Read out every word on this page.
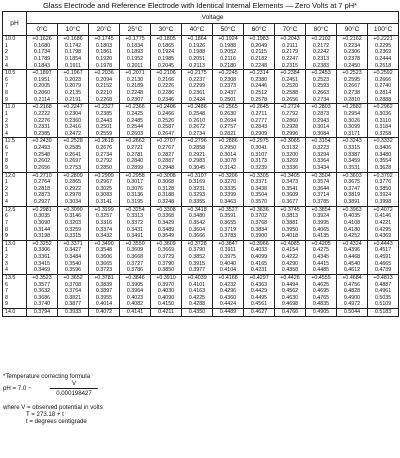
Glass Electrode and Reference Electrode with Identical Internal Elements — Zero Volts at 7 pH*
pH	Voltage											
	0°C	10°C	20°C	25°C	30°C	40°C	50°C	60°C	70°C	80°C	90°C	100°C
10.0	+0.1626	+0.1686	+0.1745	+0.1775	+0.1805	+0.1864	+0.1924	+0.1983	+0.2043	+0.2102	+0.2162	+0.2221
1	0.1680	0.1742	0.1803	0.1834	0.1865	0.1926	0.1988	0.2049	0.2111	0.2172	0.2234	0.2295
2	0.1734	0.1798	0.1861	0.1893	0.1924	0.1988	0.2052	0.2115	0.2179	0.2242	0.2306	0.2369
3	0.1789	0.1854	0.1920	0.1952	0.1985	0.2051	0.2116	0.2182	0.2247	0.2313	0.2378	0.2444
4	0.1843	0.1911	0.1978	0.2011	0.2045	0.2113	0.2180	0.2248	0.2315	0.2383	0.2450	0.2518
10.5	+0.1897	+0.1967	+0.2036	+0.2071	+0.2106	+0.2175	+0.2245	+0.2314	+0.2384	+0.2453	+0.2523	+0.2592
6	0.1951	0.2023	0.2094	0.2130	0.2166	0.2237	0.2308	0.2380	0.2451	0.2523	0.2595	0.2666
7	0.2005	0.2079	0.2152	0.2189	0.2226	0.2299	0.2373	0.2446	0.2520	0.2593	0.2667	0.2740
8	0.2060	0.2135	0.2210	0.2248	0.2286	0.2361	0.2437	0.2512	0.2588	0.2663	0.2738	0.2814
9	0.2114	0.2191	0.2268	0.2307	0.2346	0.2424	0.2501	0.2578	0.2656	0.2734	0.2810	0.2888
11.0	+0.2168	+0.2247	+0.2327	+0.2366	+0.2406	+0.2486	+0.2565	+0.2645	+0.2724	+0.2803	+0.2882	+0.2962
1	0.2222	0.2304	0.2385	0.2425	0.2466	0.2548	0.2630	0.2711	0.2792	0.2873	0.2954	0.3036
2	0.2276	0.2360	0.2443	0.2485	0.2526	0.2610	0.2694	0.2777	0.2860	0.2943	0.3026	0.3110
3	0.2331	0.2416	0.2501	0.2544	0.2587	0.2672	0.2757	0.2843	0.2928	0.3014	0.3099	0.3184
4	0.2385	0.2472	0.2559	0.2603	0.2647	0.2734	0.2821	0.2909	0.2996	0.3084	0.3171	0.3258
11.5	+0.2439	+0.2528	+0.2618	+0.2662	+0.2707	+0.2796	+0.2886	+0.2975	+0.3065	+0.3154	+0.3243	+0.3332
6	0.2493	0.2585	0.2676	0.2721	0.2767	0.2858	0.2950	0.3041	0.3132	0.3223	0.3315	0.3406
7	0.2548	0.2641	0.2734	0.2781	0.2827	0.2921	0.3014	0.3107	0.3200	0.3294	0.3387	0.3480
8	0.2602	0.2697	0.2792	0.2840	0.2887	0.2983	0.3078	0.3173	0.3269	0.3364	0.3459	0.3554
9	0.2656	0.2753	0.2850	0.2899	0.2948	0.3045	0.3142	0.3239	0.3336	0.3434	0.3531	0.3628
12.0	+0.2710	+0.2809	+0.2909	+0.2958	+0.3008	+0.3107	+0.3206	+0.3305	+0.3405	+0.3504	+0.3603	+0.3702
1	0.2764	0.2865	0.2967	0.3017	0.3068	0.3169	0.3270	0.3371	0.3473	0.3574	0.3675	0.3776
2	0.2818	0.2922	0.3025	0.3076	0.3128	0.3231	0.3335	0.3438	0.3541	0.3644	0.3747	0.3850
3	0.2873	0.2978	0.3083	0.3136	0.3188	0.3293	0.3399	0.3504	0.3609	0.3714	0.3819	0.3924
4	0.2927	0.3034	0.3141	0.3195	0.3248	0.3355	0.3463	0.3570	0.3677	0.3785	0.3891	0.3998
12.5	+0.2981	+0.3090	+0.3199	+0.3254	+0.3308	+0.3418	+0.3527	+0.3636	+0.3745	+0.3854	+0.3963	+0.4072
6	0.3035	0.3146	0.3257	0.3313	0.3368	0.3480	0.3591	0.3702	0.3813	0.3924	0.4035	0.4146
7	0.3090	0.3203	0.3316	0.3372	0.3429	0.3542	0.3655	0.3768	0.3881	0.3995	0.4108	0.4221
8	0.3144	0.3259	0.3374	0.3431	0.3489	0.3604	0.3719	0.3834	0.3950	0.4065	0.4180	0.4295
9	0.3198	0.3315	0.3432	0.3491	0.3549	0.3666	0.3783	0.3900	0.4018	0.4135	0.4252	0.4369
13.0	+0.3252	+0.3371	+0.3490	+0.3550	+0.3609	+0.3728	+0.3847	+0.3966	+0.4085	+0.4205	+0.4324	+0.4443
1	0.3306	0.3427	0.3548	0.3609	0.3669	0.3790	0.3911	0.4033	0.4154	0.4275	0.4396	0.4517
2	0.3361	0.3484	0.3606	0.3668	0.3729	0.3852	0.3975	0.4099	0.4222	0.4345	0.4468	0.4591
3	0.3415	0.3540	0.3665	0.3727	0.3790	0.3915	0.4040	0.4165	0.4290	0.4415	0.4540	0.4665
4	0.3469	0.3596	0.3723	0.3786	0.3850	0.3977	0.4104	0.4231	0.4358	0.4485	0.4612	0.4739
13.5	+0.3523	+0.3652	+0.3781	+0.3846	+0.3910	+0.4039	+0.4168	+0.4297	+0.4426	+0.4555	+0.4684	+0.4813
6	0.3577	0.3708	0.3839	0.3905	0.3970	0.4101	0.4232	0.4363	0.4494	0.4625	0.4756	0.4887
7	0.3632	0.3764	0.3897	0.3964	0.4030	0.4163	0.4296	0.4429	0.4562	0.4695	0.4828	0.4961
8	0.3686	0.3821	0.3955	0.4023	0.4090	0.4225	0.4360	0.4495	0.4630	0.4765	0.4900	0.5035
9	0.3740	0.3877	0.4014	0.4082	0.4150	0.4288	0.4424	0.4561	0.4698	0.4835	0.4972	0.5109
14.0	0.3794	0.3933	0.4072	0.4141	0.4211	0.4350	0.4489	0.4627	0.4766	0.4905	0.5044	0.5183
*Temperature correcting formula
pH = 7.0 −
V
0.000198427
where V = observed potential in volts
T = 273.18 + t
t = degrees centigrade
